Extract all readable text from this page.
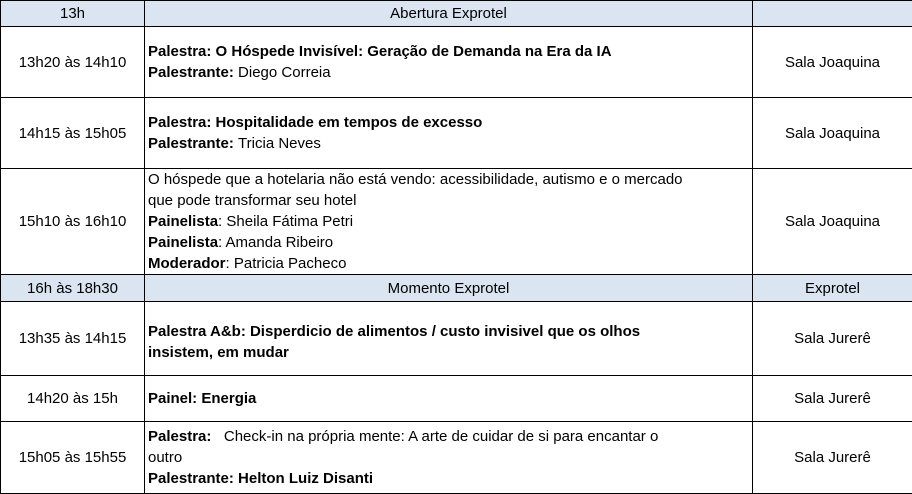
13h	Abertura Exprotel	
13h20 às 14h10	Palestra: O Hóspede Invisível: Geração de Demanda na Era da IA
Palestrante: Diego Correia	Sala Joaquina
14h15 às 15h05	Palestra: Hospitalidade em tempos de excesso
Palestrante: Tricia Neves	Sala Joaquina
15h10 às 16h10	O hóspede que a hotelaria não está vendo: acessibilidade, autismo e o mercado
que pode transformar seu hotel
Painelista: Sheila Fátima Petri
Painelista: Amanda Ribeiro
Moderador: Patricia Pacheco	Sala Joaquina
16h às 18h30	Momento Exprotel	Exprotel
13h35 às 14h15	Palestra A&b: Disperdicio de alimentos / custo invisivel que os olhos
insistem, em mudar	Sala Jurerê
14h20 às 15h	Painel: Energia	Sala Jurerê
15h05 às 15h55	Palestra:   Check-in na própria mente: A arte de cuidar de si para encantar o
outro
Palestrante: Helton Luiz Disanti	Sala Jurerê
